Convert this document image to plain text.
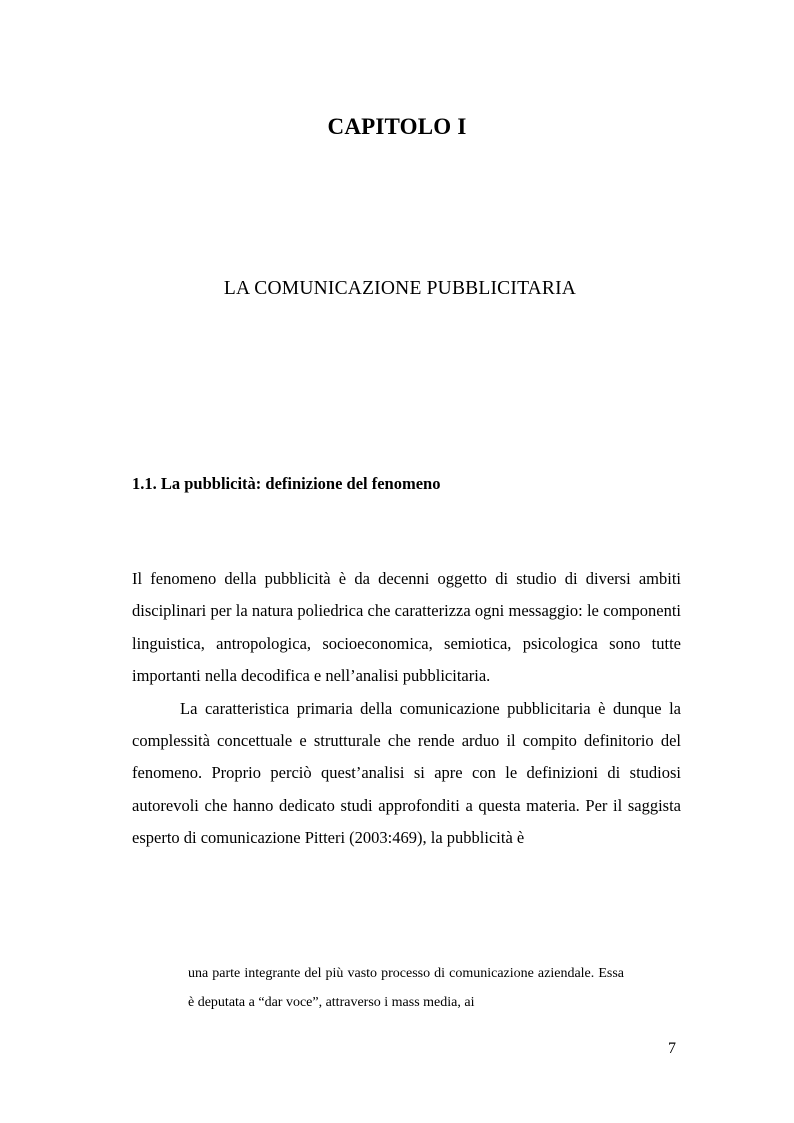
CAPITOLO I
LA COMUNICAZIONE PUBBLICITARIA
1.1. La pubblicità: definizione del fenomeno

Il fenomeno della pubblicità è da decenni oggetto di studio di diversi ambiti disciplinari per la natura poliedrica che caratterizza ogni messaggio: le componenti linguistica, antropologica, socioeconomica, semiotica, psicologica sono tutte importanti nella decodifica e nell’analisi pubblicitaria.

La caratteristica primaria della comunicazione pubblicitaria è dunque la complessità concettuale e strutturale che rende arduo il compito definitorio del fenomeno. Proprio perciò quest’analisi si apre con le definizioni di studiosi autorevoli che hanno dedicato studi approfonditi a questa materia. Per il saggista esperto di comunicazione Pitteri (2003:469), la pubblicità è

una parte integrante del più vasto processo di comunicazione aziendale. Essa è deputata a “dar voce”, attraverso i mass media, ai

7
